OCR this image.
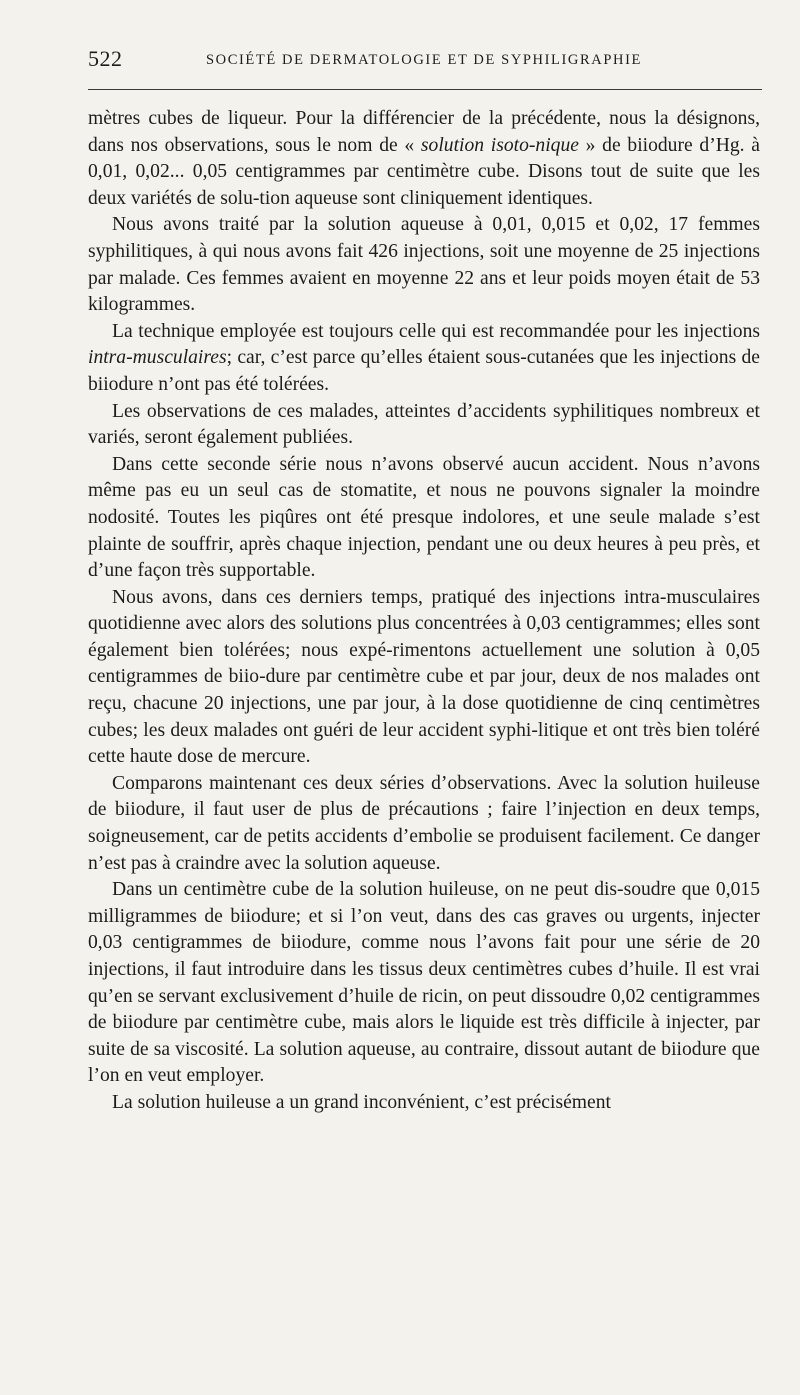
522	SOCIÉTÉ DE DERMATOLOGIE ET DE SYPHILIGRAPHIE

mètres cubes de liqueur. Pour la différencier de la précédente, nous la désignons, dans nos observations, sous le nom de « solution isoto-nique » de biiodure d’Hg. à 0,01, 0,02... 0,05 centigrammes par centimètre cube. Disons tout de suite que les deux variétés de solu-tion aqueuse sont cliniquement identiques.

Nous avons traité par la solution aqueuse à 0,01, 0,015 et 0,02, 17 femmes syphilitiques, à qui nous avons fait 426 injections, soit une moyenne de 25 injections par malade. Ces femmes avaient en moyenne 22 ans et leur poids moyen était de 53 kilogrammes.

La technique employée est toujours celle qui est recommandée pour les injections intra-musculaires; car, c’est parce qu’elles étaient sous-cutanées que les injections de biiodure n’ont pas été tolérées.

Les observations de ces malades, atteintes d’accidents syphilitiques nombreux et variés, seront également publiées.

Dans cette seconde série nous n’avons observé aucun accident. Nous n’avons même pas eu un seul cas de stomatite, et nous ne pouvons signaler la moindre nodosité. Toutes les piqûres ont été presque indolores, et une seule malade s’est plainte de souffrir, après chaque injection, pendant une ou deux heures à peu près, et d’une façon très supportable.

Nous avons, dans ces derniers temps, pratiqué des injections intra-musculaires quotidienne avec alors des solutions plus concentrées à 0,03 centigrammes; elles sont également bien tolérées; nous expé-rimentons actuellement une solution à 0,05 centigrammes de biio-dure par centimètre cube et par jour, deux de nos malades ont reçu, chacune 20 injections, une par jour, à la dose quotidienne de cinq centimètres cubes; les deux malades ont guéri de leur accident syphi-litique et ont très bien toléré cette haute dose de mercure.

Comparons maintenant ces deux séries d’observations. Avec la solution huileuse de biiodure, il faut user de plus de précautions ; faire l’injection en deux temps, soigneusement, car de petits accidents d’embolie se produisent facilement. Ce danger n’est pas à craindre avec la solution aqueuse.

Dans un centimètre cube de la solution huileuse, on ne peut dis-soudre que 0,015 milligrammes de biiodure; et si l’on veut, dans des cas graves ou urgents, injecter 0,03 centigrammes de biiodure, comme nous l’avons fait pour une série de 20 injections, il faut introduire dans les tissus deux centimètres cubes d’huile. Il est vrai qu’en se servant exclusivement d’huile de ricin, on peut dissoudre 0,02 centigrammes de biiodure par centimètre cube, mais alors le liquide est très difficile à injecter, par suite de sa viscosité. La solution aqueuse, au contraire, dissout autant de biiodure que l’on en veut employer.

La solution huileuse a un grand inconvénient, c’est précisément
